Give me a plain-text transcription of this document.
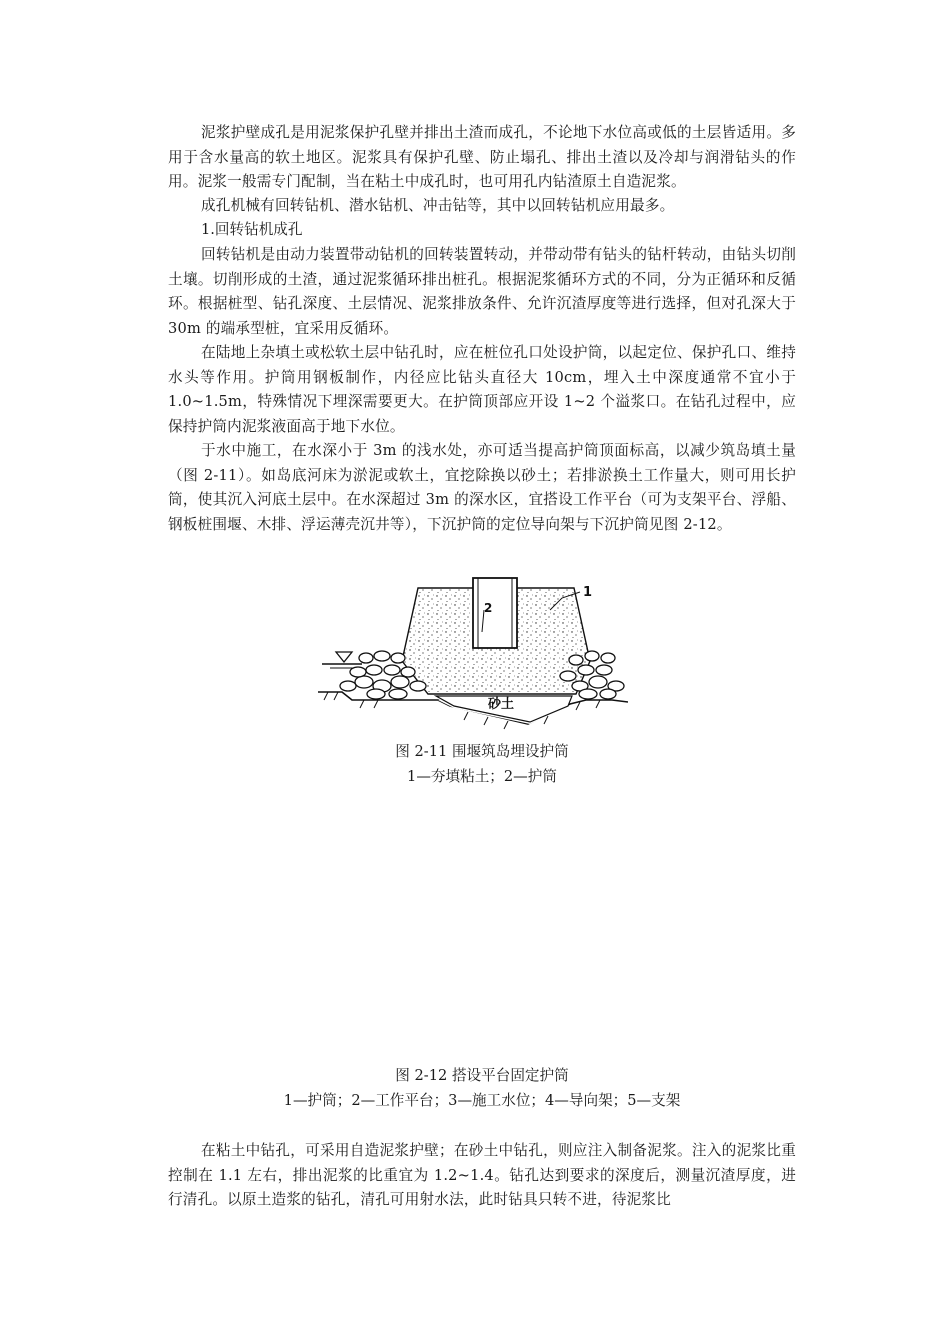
泥浆护壁成孔是用泥浆保护孔壁并排出土渣而成孔，不论地下水位高或低的土层皆适用。多用于含水量高的软土地区。泥浆具有保护孔壁、防止塌孔、排出土渣以及冷却与润滑钻头的作用。泥浆一般需专门配制，当在粘土中成孔时，也可用孔内钻渣原土自造泥浆。

成孔机械有回转钻机、潜水钻机、冲击钻等，其中以回转钻机应用最多。

1.回转钻机成孔

回转钻机是由动力装置带动钻机的回转装置转动，并带动带有钻头的钻杆转动，由钻头切削土壤。切削形成的土渣，通过泥浆循环排出桩孔。根据泥浆循环方式的不同，分为正循环和反循环。根据桩型、钻孔深度、土层情况、泥浆排放条件、允许沉渣厚度等进行选择，但对孔深大于 30m 的端承型桩，宜采用反循环。

在陆地上杂填土或松软土层中钻孔时，应在桩位孔口处设护筒，以起定位、保护孔口、维持水头等作用。护筒用钢板制作，内径应比钻头直径大 10cm，埋入土中深度通常不宜小于 1.0~1.5m，特殊情况下埋深需要更大。在护筒顶部应开设 1~2 个溢浆口。在钻孔过程中，应保持护筒内泥浆液面高于地下水位。

于水中施工，在水深小于 3m 的浅水处，亦可适当提高护筒顶面标高，以减少筑岛填土量（图 2-11）。如岛底河床为淤泥或软土，宜挖除换以砂土；若排淤换土工作量大，则可用长护筒，使其沉入河底土层中。在水深超过 3m 的深水区，宜搭设工作平台（可为支架平台、浮船、钢板桩围堰、木排、浮运薄壳沉井等），下沉护筒的定位导向架与下沉护筒见图 2-12。

砂土
1
2

图 2-11 围堰筑岛埋设护筒

1—夯填粘土；2—护筒

图 2-12 搭设平台固定护筒

1—护筒；2—工作平台；3—施工水位；4—导向架；5—支架

在粘土中钻孔，可采用自造泥浆护壁；在砂土中钻孔，则应注入制备泥浆。注入的泥浆比重控制在 1.1 左右，排出泥浆的比重宜为 1.2~1.4。钻孔达到要求的深度后，测量沉渣厚度，进行清孔。以原土造浆的钻孔，清孔可用射水法，此时钻具只转不进，待泥浆比
